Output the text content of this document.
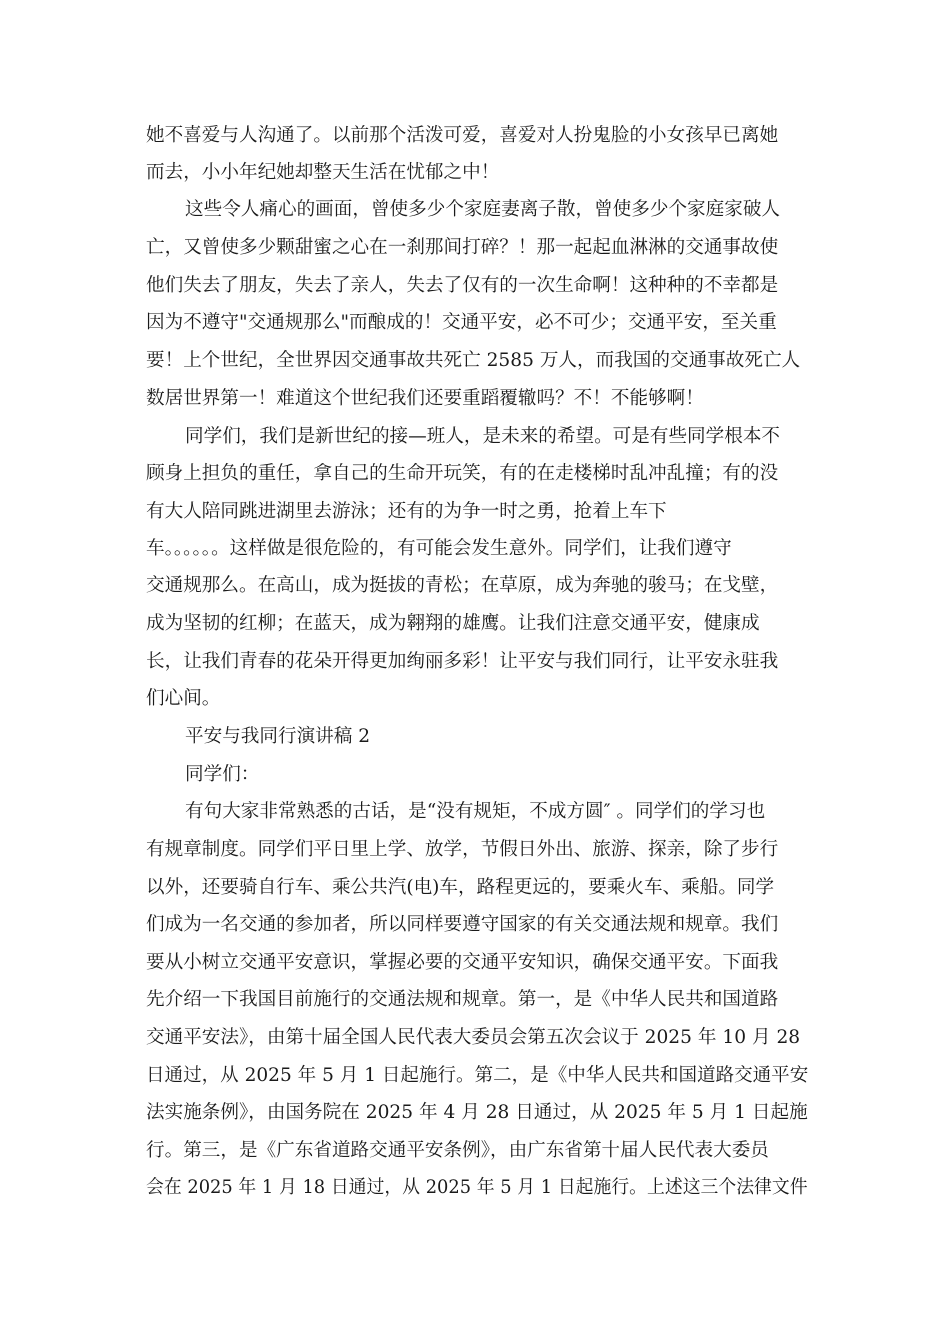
她不喜爱与人沟通了。以前那个活泼可爱，喜爱对人扮鬼脸的小女孩早已离她
而去，小小年纪她却整天生活在忧郁之中！
这些令人痛心的画面，曾使多少个家庭妻离子散，曾使多少个家庭家破人
亡，又曾使多少颗甜蜜之心在一刹那间打碎？！那一起起血淋淋的交通事故使
他们失去了朋友，失去了亲人，失去了仅有的一次生命啊！这种种的不幸都是
因为不遵守"交通规那么"而酿成的！交通平安，必不可少；交通平安，至关重
要！上个世纪，全世界因交通事故共死亡 2585 万人，而我国的交通事故死亡人
数居世界第一！难道这个世纪我们还要重蹈覆辙吗？不！不能够啊！
同学们，我们是新世纪的接—班人，是未来的希望。可是有些同学根本不
顾身上担负的重任，拿自己的生命开玩笑，有的在走楼梯时乱冲乱撞；有的没
有大人陪同跳进湖里去游泳；还有的为争一时之勇，抢着上车下
车。。。。。。这样做是很危险的，有可能会发生意外。同学们，让我们遵守
交通规那么。在高山，成为挺拔的青松；在草原，成为奔驰的骏马；在戈壁，
成为坚韧的红柳；在蓝天，成为翱翔的雄鹰。让我们注意交通平安，健康成
长，让我们青春的花朵开得更加绚丽多彩！让平安与我们同行，让平安永驻我
们心间。
平安与我同行演讲稿 2
同学们：
有句大家非常熟悉的古话，是“没有规矩，不成方圆″ 。同学们的学习也
有规章制度。同学们平日里上学、放学，节假日外出、旅游、探亲，除了步行
以外，还要骑自行车、乘公共汽(电)车，路程更远的，要乘火车、乘船。同学
们成为一名交通的参加者，所以同样要遵守国家的有关交通法规和规章。我们
要从小树立交通平安意识，掌握必要的交通平安知识，确保交通平安。下面我
先介绍一下我国目前施行的交通法规和规章。第一，是《中华人民共和国道路
交通平安法》，由第十届全国人民代表大委员会第五次会议于 2025 年 10 月 28
日通过，从 2025 年 5 月 1 日起施行。第二，是《中华人民共和国道路交通平安
法实施条例》，由国务院在 2025 年 4 月 28 日通过，从 2025 年 5 月 1 日起施
行。第三，是《广东省道路交通平安条例》，由广东省第十届人民代表大委员
会在 2025 年 1 月 18 日通过，从 2025 年 5 月 1 日起施行。上述这三个法律文件
